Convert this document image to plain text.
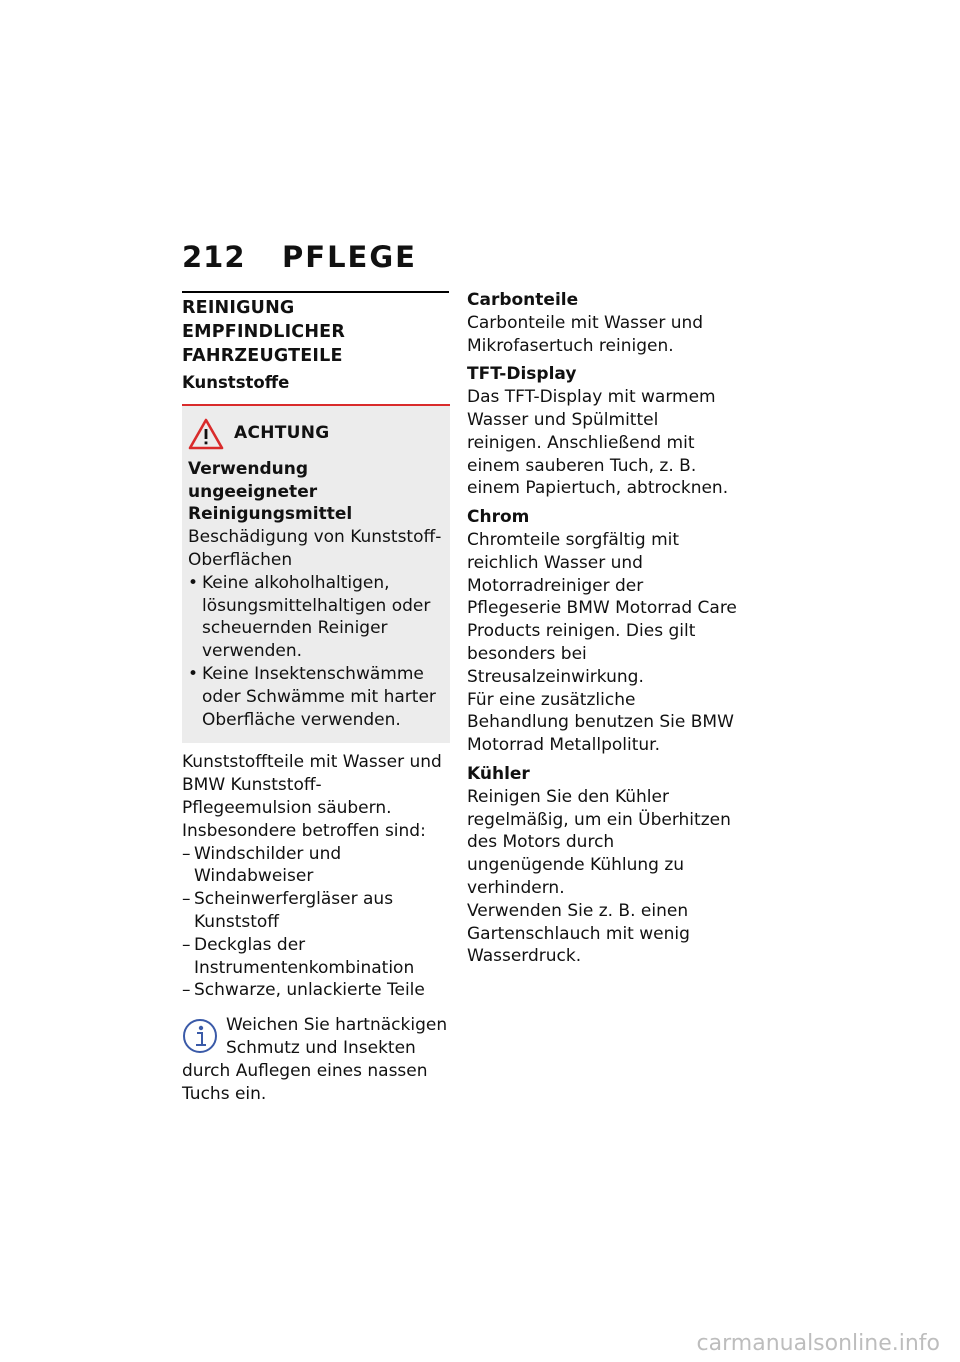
212 PFLEGE
REINIGUNG EMPFINDLICHER
FAHRZEUGTEILE
Kunststoffe
ACHTUNG
Verwendung ungeeigneter
Reinigungsmittel
Beschädigung von Kunststoff-Oberflächen
• Keine alkoholhaltigen, lösungsmittelhaltigen oder scheuernden Reiniger verwenden.
• Keine Insektenschwämme oder Schwämme mit harter Oberfläche verwenden.
Kunststoffteile mit Wasser und BMW Kunststoff-Pflegeemulsion säubern. Insbesondere betroffen sind:
– Windschilder und Windabweiser
– Scheinwerfergläser aus Kunststoff
– Deckglas der Instrumentenkombination
– Schwarze, unlackierte Teile
Weichen Sie hartnäckigen Schmutz und Insekten durch Auflegen eines nassen Tuchs ein.
Carbonteile

Carbonteile mit Wasser und Mikrofasertuch reinigen.

TFT-Display

Das TFT-Display mit warmem Wasser und Spülmittel reinigen. Anschließend mit einem sauberen Tuch, z. B. einem Papiertuch, abtrocknen.

Chrom

Chromteile sorgfältig mit reichlich Wasser und Motorradreiniger der Pflegeserie BMW Motorrad Care Products reinigen. Dies gilt besonders bei Streusalzeinwirkung.

Für eine zusätzliche Behandlung benutzen Sie BMW Motorrad Metallpolitur.

Kühler

Reinigen Sie den Kühler regelmäßig, um ein Überhitzen des Motors durch ungenügende Kühlung zu verhindern.

Verwenden Sie z. B. einen Gartenschlauch mit wenig Wasserdruck.

carmanualsonline.info
